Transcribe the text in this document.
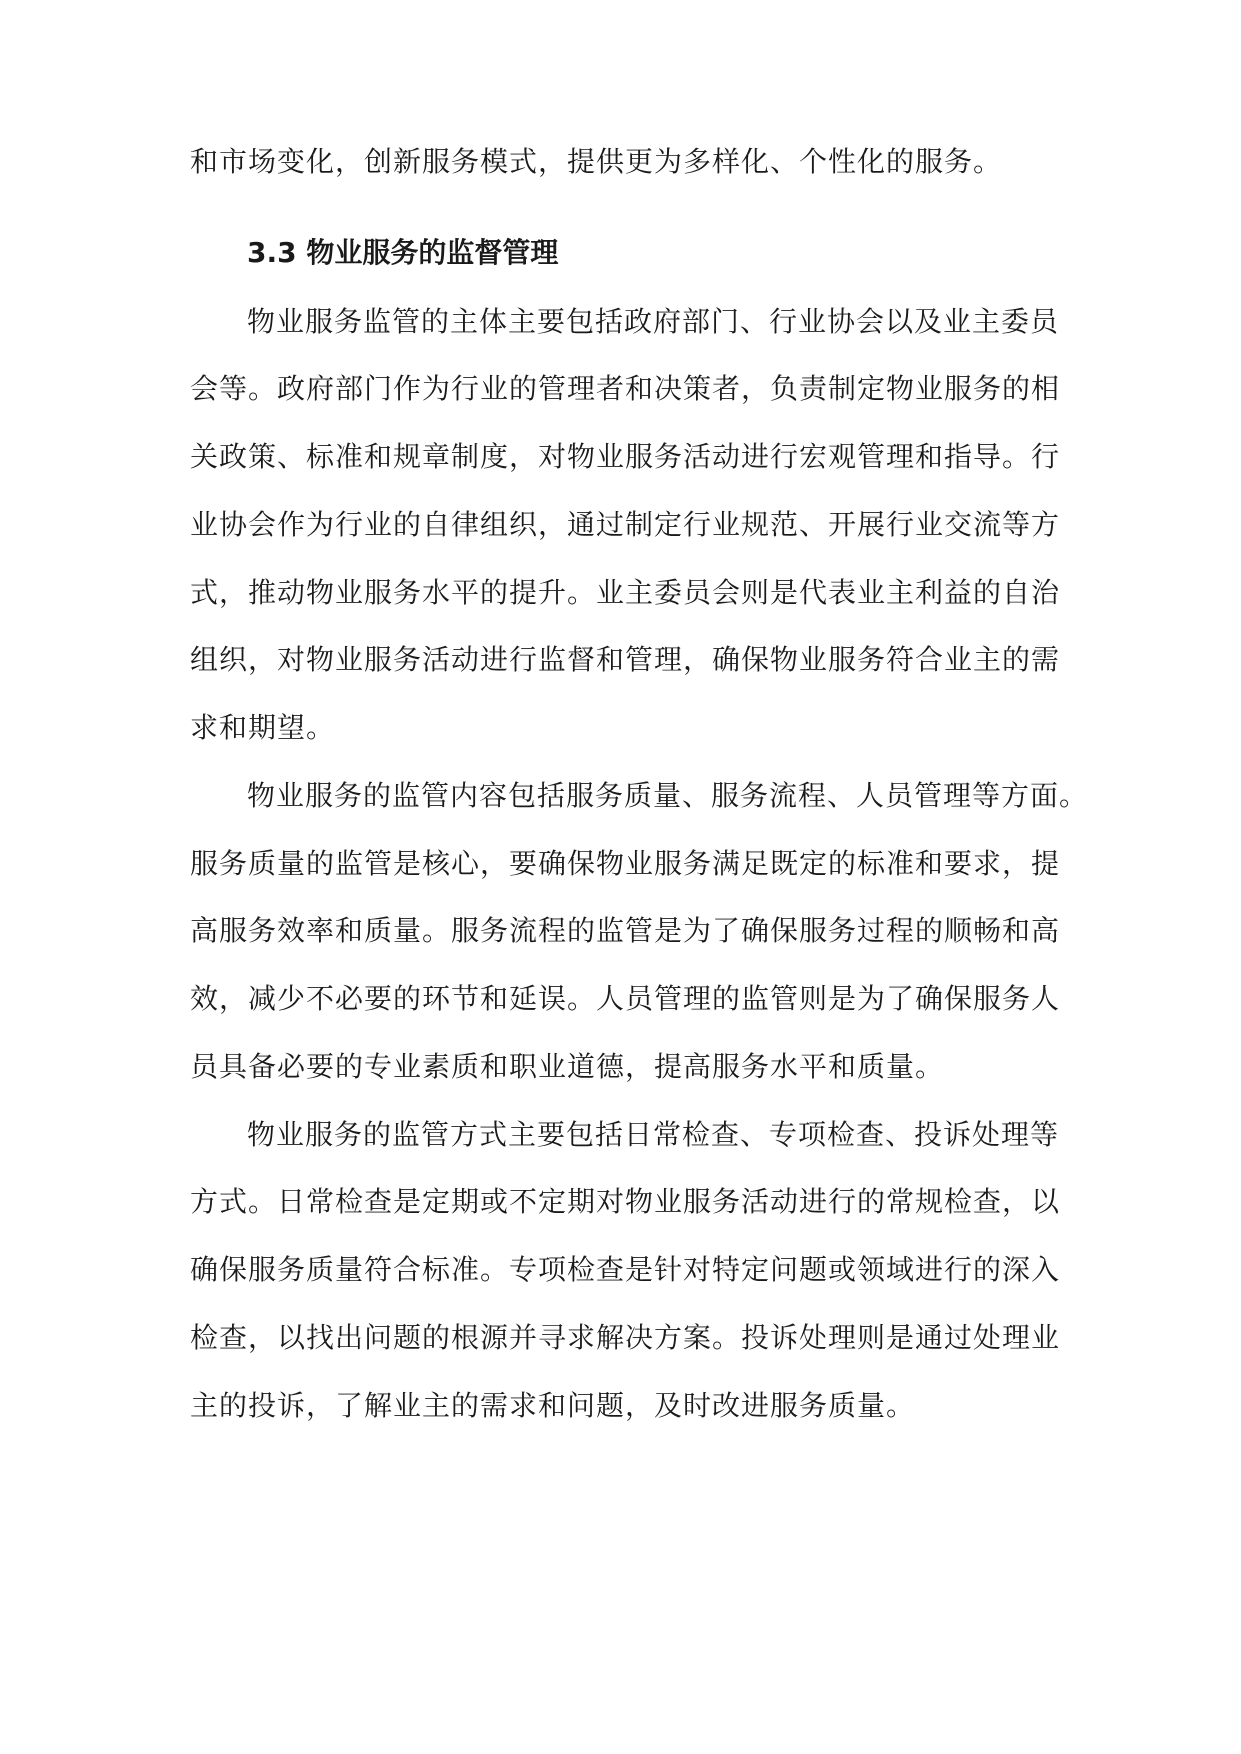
和市场变化，创新服务模式，提供更为多样化、个性化的服务。
3.3 物业服务的监督管理
物业服务监管的主体主要包括政府部门、行业协会以及业主委员
会等。政府部门作为行业的管理者和决策者，负责制定物业服务的相
关政策、标准和规章制度，对物业服务活动进行宏观管理和指导。行
业协会作为行业的自律组织，通过制定行业规范、开展行业交流等方
式，推动物业服务水平的提升。业主委员会则是代表业主利益的自治
组织，对物业服务活动进行监督和管理，确保物业服务符合业主的需
求和期望。
物业服务的监管内容包括服务质量、服务流程、人员管理等方面。
服务质量的监管是核心，要确保物业服务满足既定的标准和要求，提
高服务效率和质量。服务流程的监管是为了确保服务过程的顺畅和高
效，减少不必要的环节和延误。人员管理的监管则是为了确保服务人
员具备必要的专业素质和职业道德，提高服务水平和质量。
物业服务的监管方式主要包括日常检查、专项检查、投诉处理等
方式。日常检查是定期或不定期对物业服务活动进行的常规检查，以
确保服务质量符合标准。专项检查是针对特定问题或领域进行的深入
检查，以找出问题的根源并寻求解决方案。投诉处理则是通过处理业
主的投诉，了解业主的需求和问题，及时改进服务质量。
